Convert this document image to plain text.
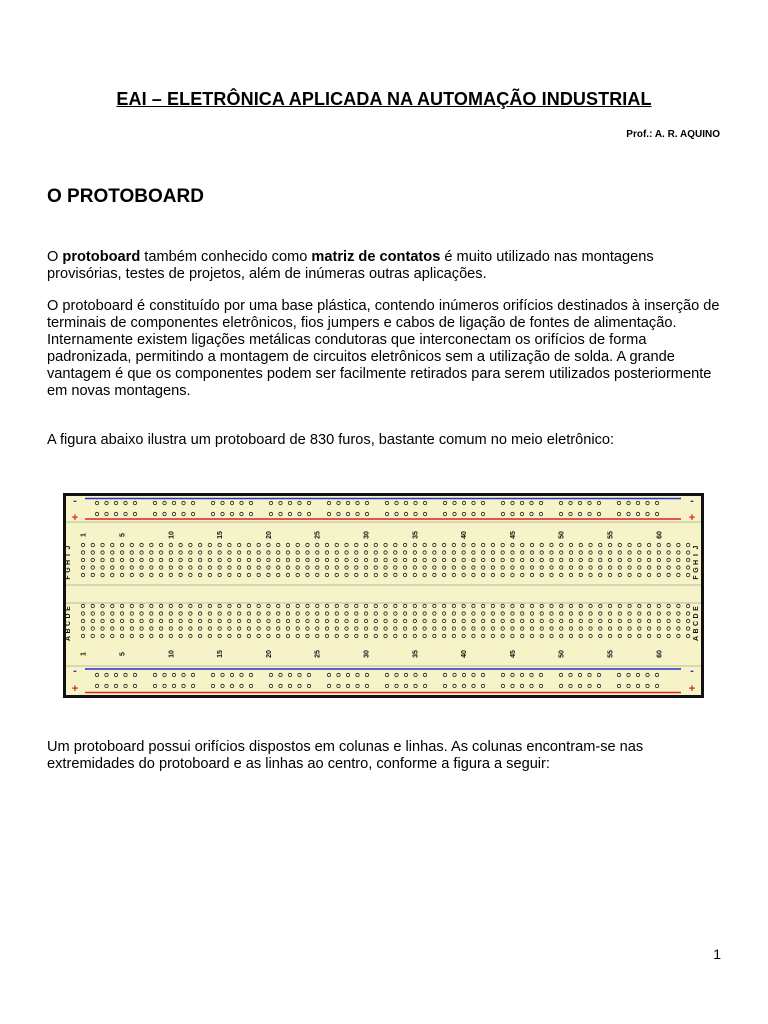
EAI – ELETRÔNICA APLICADA NA AUTOMAÇÃO INDUSTRIAL
Prof.: A. R. AQUINO
O PROTOBOARD

O protoboard também conhecido como matriz de contatos é muito utilizado nas montagens provisórias, testes de projetos, além de inúmeras outras aplicações.

O protoboard é constituído por uma base plástica, contendo inúmeros orifícios destinados à inserção de terminais de componentes eletrônicos, fios jumpers e cabos de ligação de fontes de alimentação. Internamente existem ligações metálicas condutoras que interconectam os orifícios de forma padronizada, permitindo a montagem de circuitos eletrônicos sem a utilização de solda. A grande vantagem é que os componentes podem ser facilmente retirados para serem utilizados posteriormente em novas montagens.

A figura abaixo ilustra um protoboard de 830 furos, bastante comum no meio eletrônico:

-
+
-
+
-
+
-
+
F	F
G	G
H	H
I	I
J	J
A	A
B	B
C	C
D	D
E	E
1
1
5
5
10
10
15
15
20
20
25
25
30
30
35
35
40
40
45
45
50
50
55
55
60
60

Um protoboard possui orifícios dispostos em colunas e linhas. As colunas encontram-se nas extremidades do protoboard e as linhas ao centro, conforme a figura a seguir:

1
